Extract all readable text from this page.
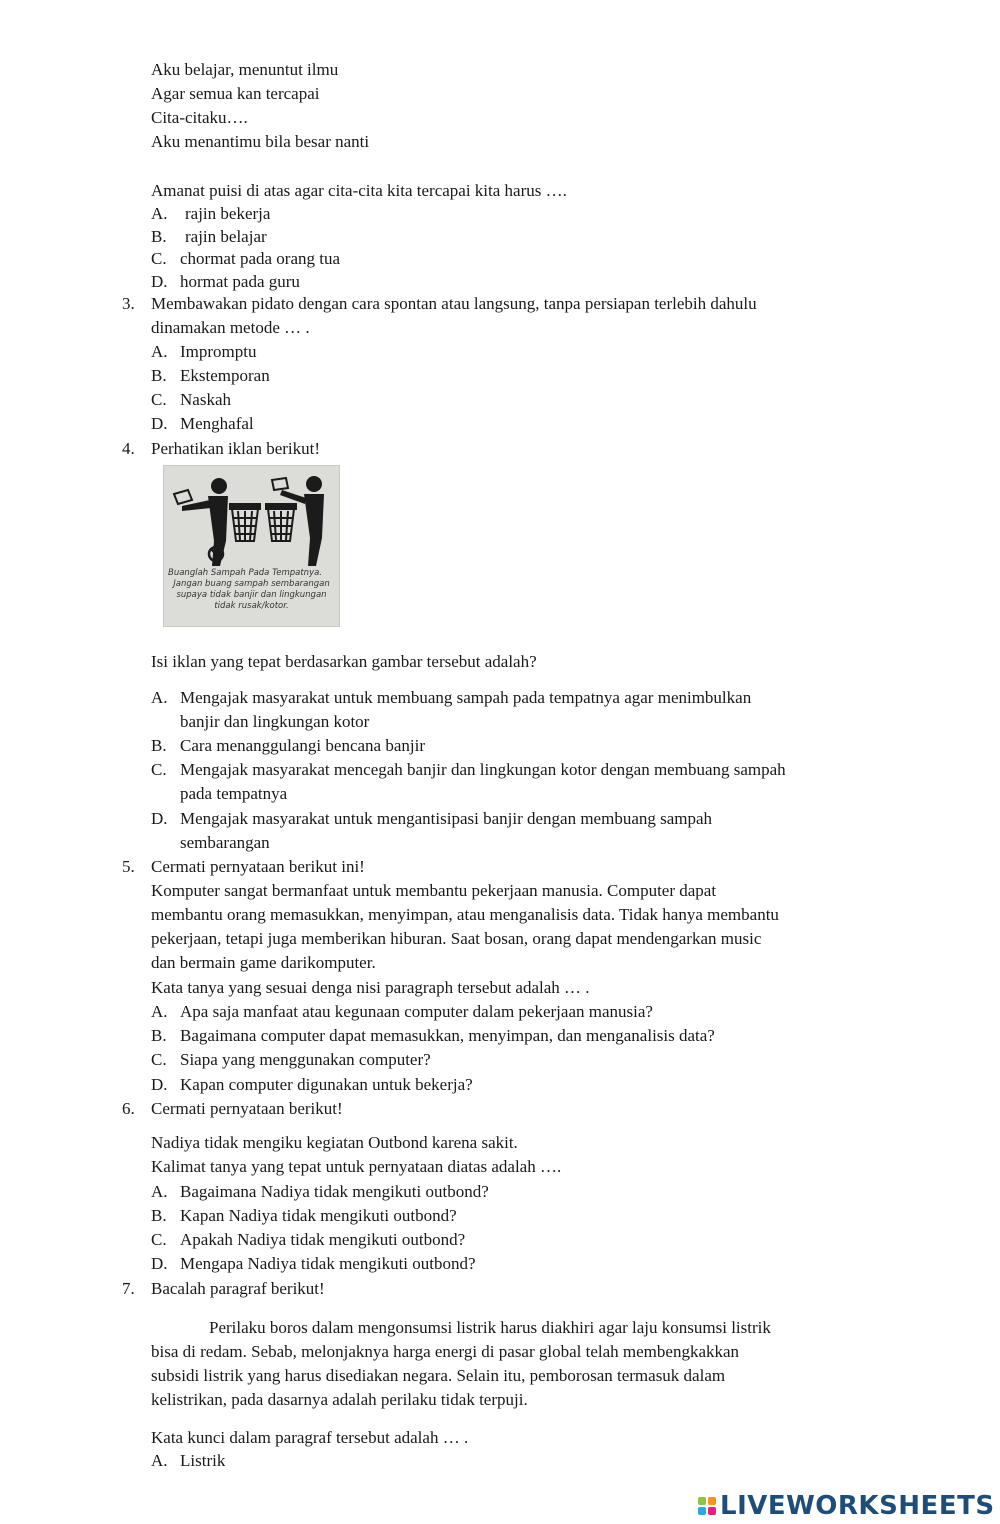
Aku belajar, menuntut ilmu
Agar semua kan tercapai
Cita-citaku….
Aku menantimu bila besar nanti
Amanat puisi di atas agar cita-cita kita tercapai kita harus ….
A. rajin bekerja
B. rajin belajar
C. chormat pada orang tua
D. hormat pada guru
3. Membawakan pidato dengan cara spontan atau langsung, tanpa persiapan terlebih dahulu
dinamakan metode … .
A. Impromptu
B. Ekstemporan
C. Naskah
D. Menghafal
4. Perhatikan iklan berikut!
Buanglah Sampah Pada Tempatnya.
Jangan buang sampah sembarangan
supaya tidak banjir dan lingkungan
tidak rusak/kotor.
Isi iklan yang tepat berdasarkan gambar tersebut adalah?
A. Mengajak masyarakat untuk membuang sampah pada tempatnya agar menimbulkan
banjir dan lingkungan kotor
B. Cara menanggulangi bencana banjir
C. Mengajak masyarakat mencegah banjir dan lingkungan kotor dengan membuang sampah
pada tempatnya
D. Mengajak masyarakat untuk mengantisipasi banjir dengan membuang sampah
sembarangan
5. Cermati pernyataan berikut ini!
Komputer sangat bermanfaat untuk membantu pekerjaan manusia. Computer dapat
membantu orang memasukkan, menyimpan, atau menganalisis data. Tidak hanya membantu
pekerjaan, tetapi juga memberikan hiburan. Saat bosan, orang dapat mendengarkan music
dan bermain game darikomputer.
Kata tanya yang sesuai denga nisi paragraph tersebut adalah … .
A. Apa saja manfaat atau kegunaan computer dalam pekerjaan manusia?
B. Bagaimana computer dapat memasukkan, menyimpan, dan menganalisis data?
C. Siapa yang menggunakan computer?
D. Kapan computer digunakan untuk bekerja?
6. Cermati pernyataan berikut!
Nadiya tidak mengiku kegiatan Outbond karena sakit.
Kalimat tanya yang tepat untuk pernyataan diatas adalah ….
A. Bagaimana Nadiya tidak mengikuti outbond?
B. Kapan Nadiya tidak mengikuti outbond?
C. Apakah Nadiya tidak mengikuti outbond?
D. Mengapa Nadiya tidak mengikuti outbond?
7. Bacalah paragraf berikut!
Perilaku boros dalam mengonsumsi listrik harus diakhiri agar laju konsumsi listrik
bisa di redam. Sebab, melonjaknya harga energi di pasar global telah membengkakkan
subsidi listrik yang harus disediakan negara. Selain itu, pemborosan termasuk dalam
kelistrikan, pada dasarnya adalah perilaku tidak terpuji.
Kata kunci dalam paragraf tersebut adalah … .
A. Listrik
LIVEWORKSHEETS
